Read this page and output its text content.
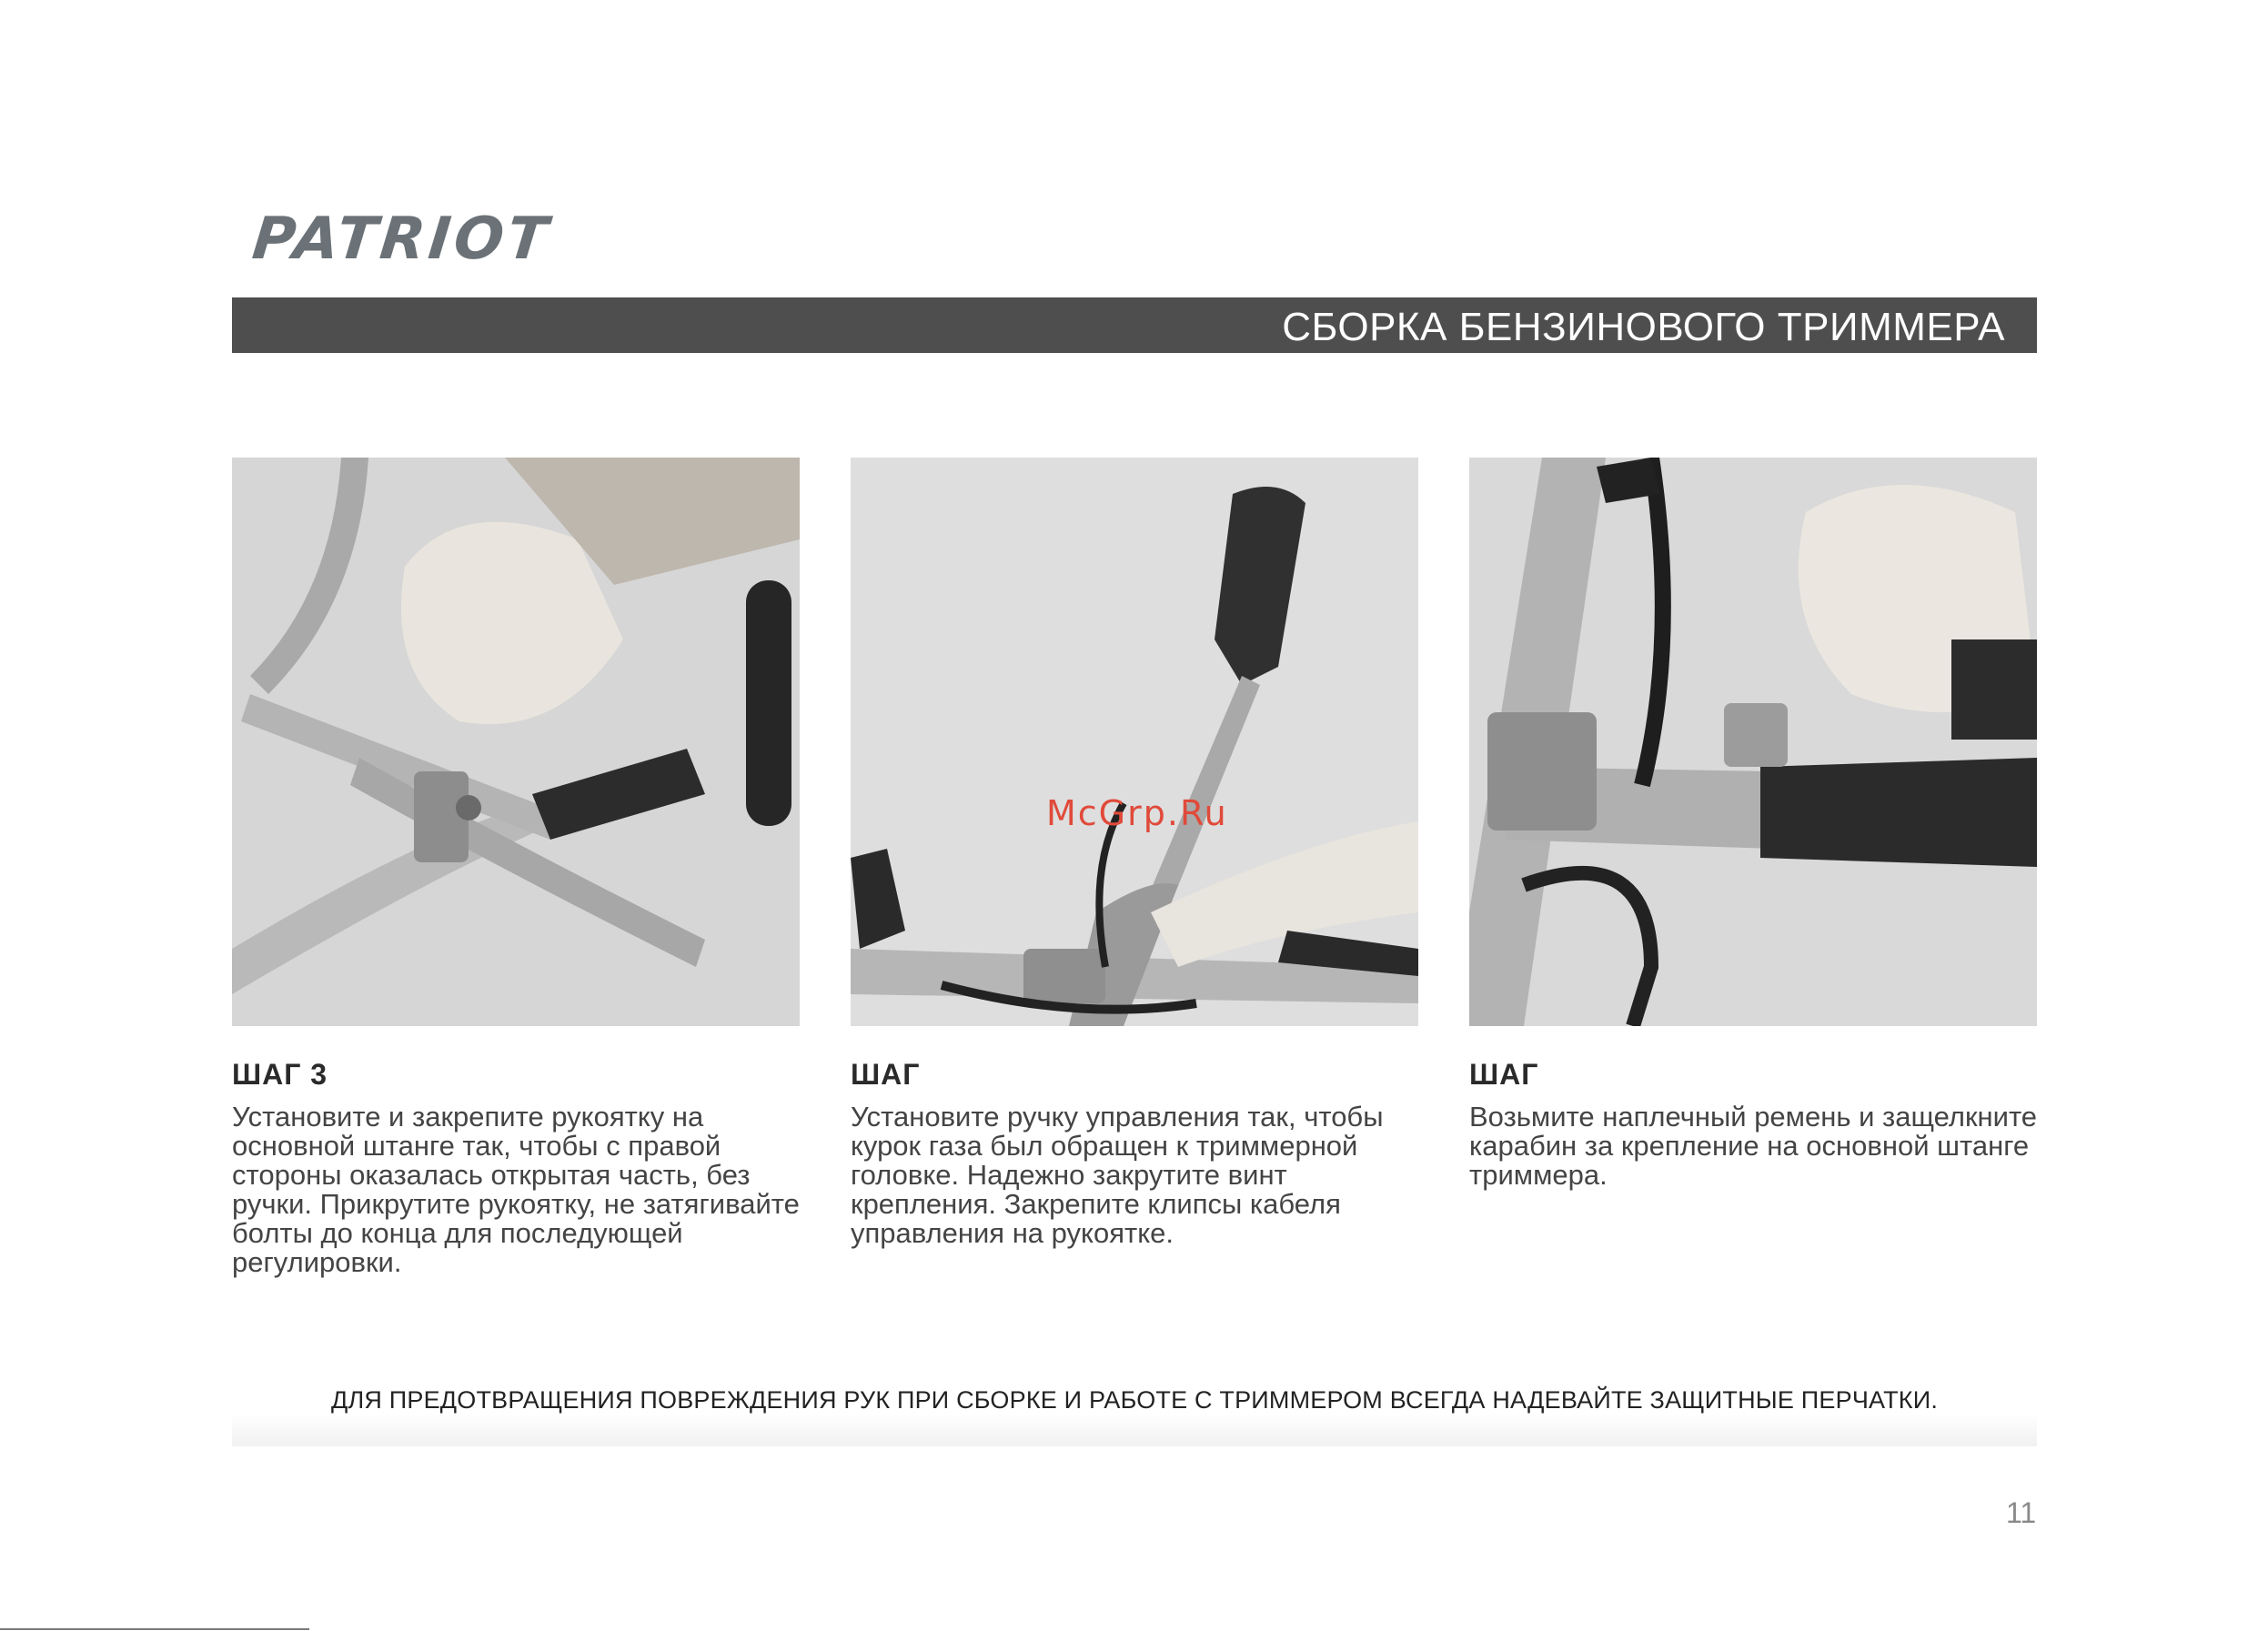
PATRIOT
СБОРКА БЕНЗИНОВОГО ТРИММЕРА
McGrp.Ru
ШАГ 3

Установите и закрепите рукоятку на основной штанге так, чтобы с правой стороны оказалась открытая часть, без ручки. Прикрутите рукоятку, не затягивайте болты до конца для последующей регулировки.

ШАГ

Установите ручку управления так, чтобы курок газа был обращен к триммерной головке. Надежно закрутите винт крепления. Закрепите клипсы кабеля управления на рукоятке.

ШАГ

Возьмите наплечный ремень и защелкните карабин за крепление на основной штанге триммера.

ДЛЯ ПРЕДОТВРАЩЕНИЯ ПОВРЕЖДЕНИЯ РУК ПРИ СБОРКЕ И РАБОТЕ С ТРИММЕРОМ ВСЕГДА НАДЕВАЙТЕ ЗАЩИТНЫЕ ПЕРЧАТКИ.
11
